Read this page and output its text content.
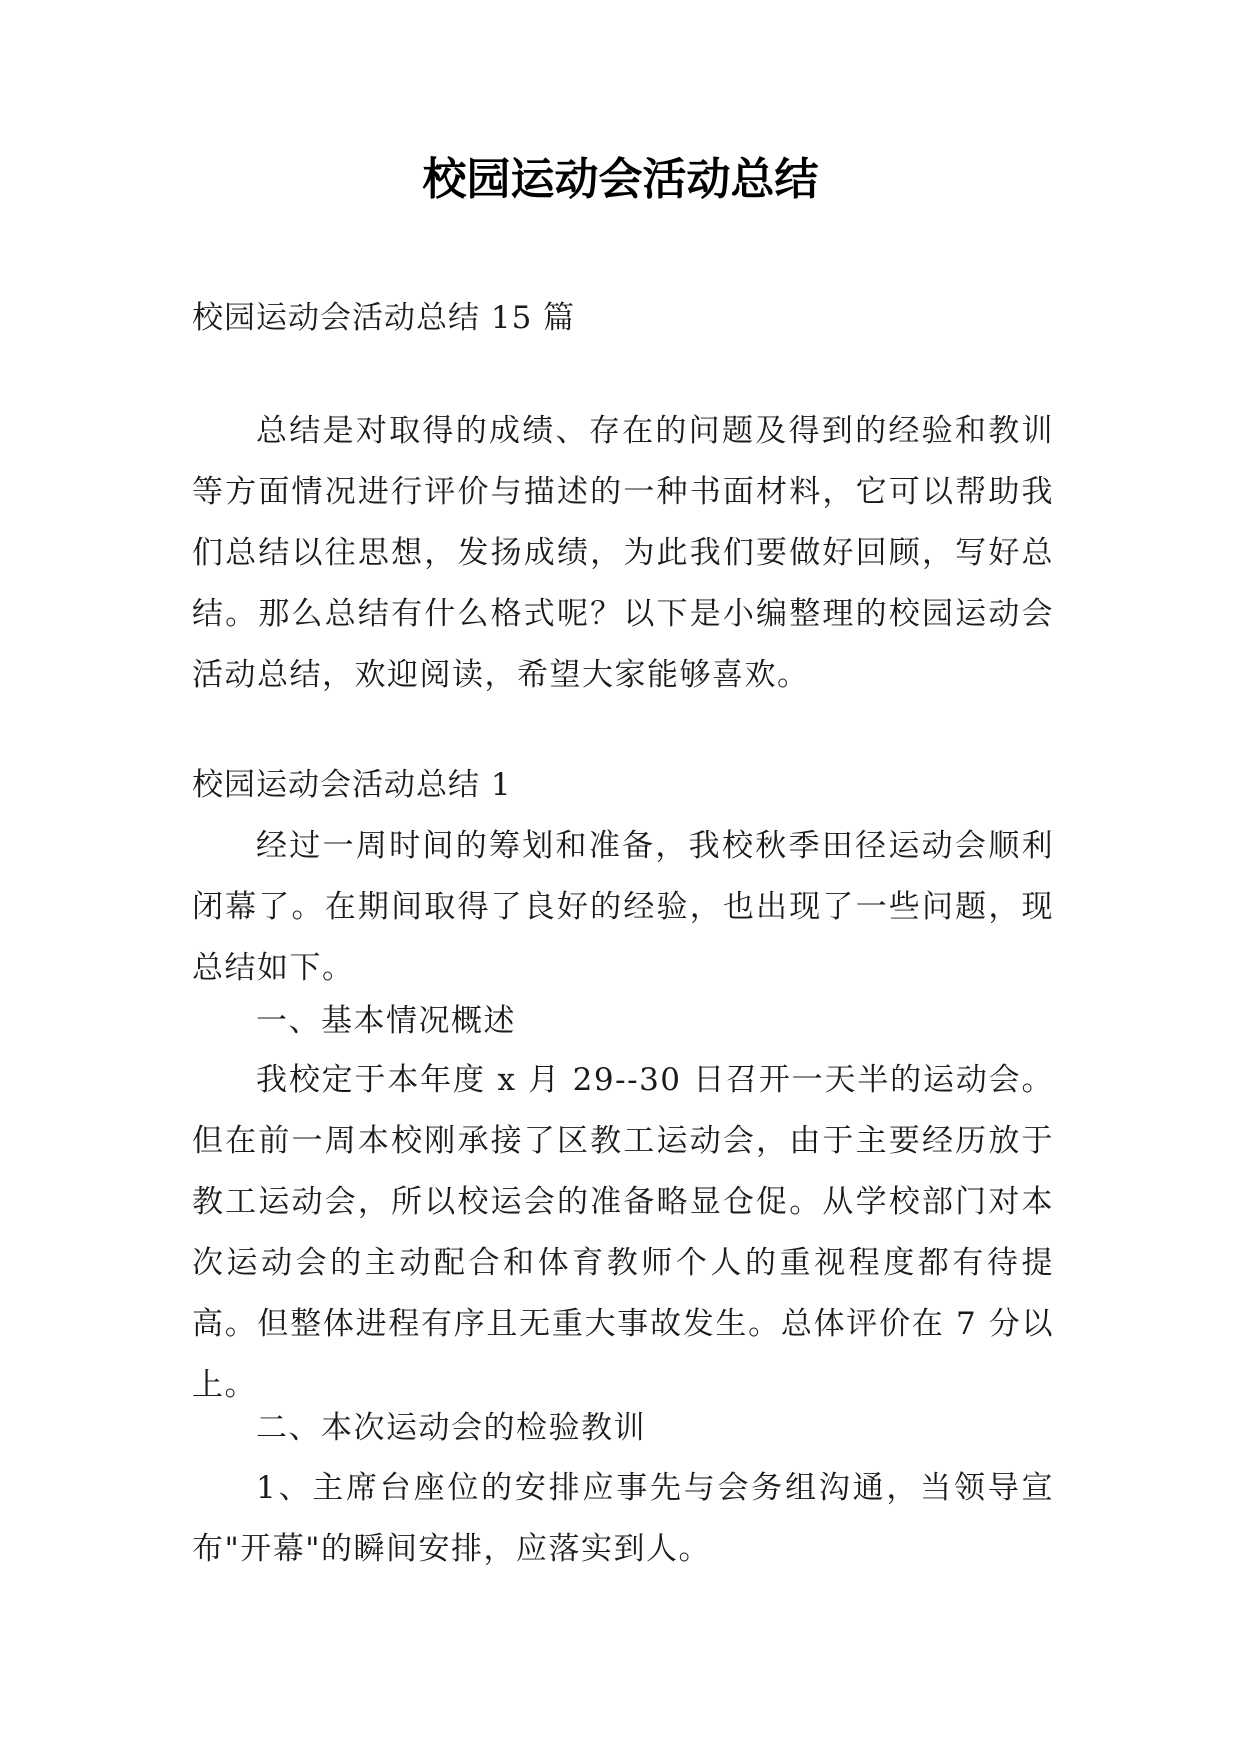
校园运动会活动总结
校园运动会活动总结 15 篇
总结是对取得的成绩、存在的问题及得到的经验和教训等方面情况进行评价与描述的一种书面材料，它可以帮助我们总结以往思想，发扬成绩，为此我们要做好回顾，写好总结。那么总结有什么格式呢？以下是小编整理的校园运动会活动总结，欢迎阅读，希望大家能够喜欢。
校园运动会活动总结 1
经过一周时间的筹划和准备，我校秋季田径运动会顺利闭幕了。在期间取得了良好的经验，也出现了一些问题，现总结如下。
一、基本情况概述
我校定于本年度 x 月 29--30 日召开一天半的运动会。但在前一周本校刚承接了区教工运动会，由于主要经历放于教工运动会，所以校运会的准备略显仓促。从学校部门对本次运动会的主动配合和体育教师个人的重视程度都有待提高。但整体进程有序且无重大事故发生。总体评价在 7 分以上。
二、本次运动会的检验教训
1、主席台座位的安排应事先与会务组沟通，当领导宣布"开幕"的瞬间安排，应落实到人。
